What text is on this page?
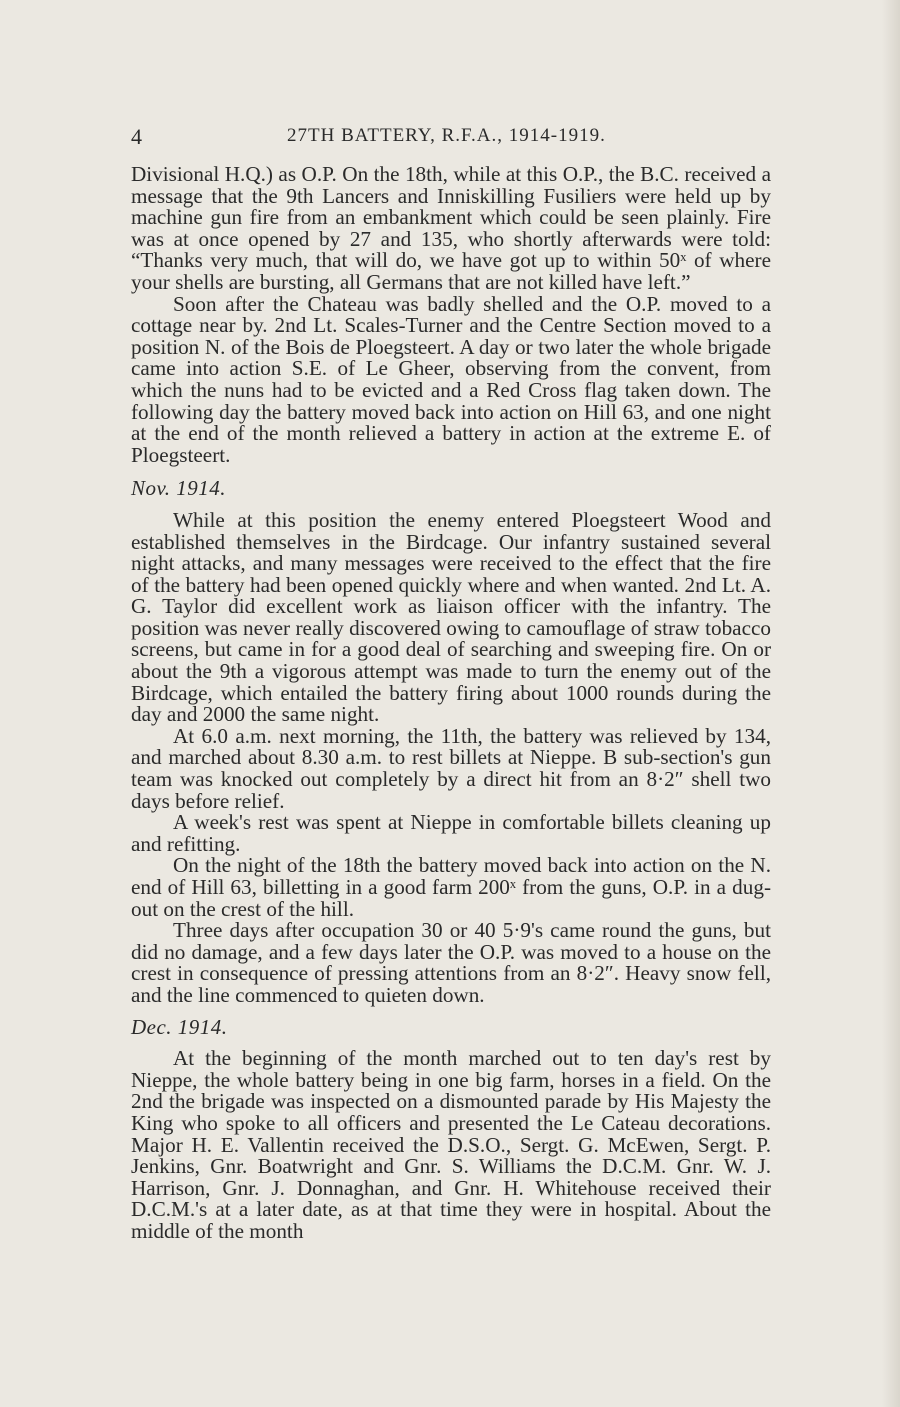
4	27TH BATTERY, R.F.A., 1914-1919.

Divisional H.Q.) as O.P. On the 18th, while at this O.P., the B.C. received a message that the 9th Lancers and Inniskilling Fusiliers were held up by machine gun fire from an embankment which could be seen plainly. Fire was at once opened by 27 and 135, who shortly afterwards were told: “Thanks very much, that will do, we have got up to within 50ˣ of where your shells are bursting, all Germans that are not killed have left.”

Soon after the Chateau was badly shelled and the O.P. moved to a cottage near by. 2nd Lt. Scales-Turner and the Centre Section moved to a position N. of the Bois de Ploegsteert. A day or two later the whole brigade came into action S.E. of Le Gheer, observing from the convent, from which the nuns had to be evicted and a Red Cross flag taken down. The following day the battery moved back into action on Hill 63, and one night at the end of the month relieved a battery in action at the extreme E. of Ploegsteert.

Nov. 1914.

While at this position the enemy entered Ploegsteert Wood and established themselves in the Birdcage. Our infantry sustained several night attacks, and many messages were received to the effect that the fire of the battery had been opened quickly where and when wanted. 2nd Lt. A. G. Taylor did excellent work as liaison officer with the infantry. The position was never really discovered owing to camouflage of straw tobacco screens, but came in for a good deal of searching and sweeping fire. On or about the 9th a vigorous attempt was made to turn the enemy out of the Birdcage, which entailed the battery firing about 1000 rounds during the day and 2000 the same night.

At 6.0 a.m. next morning, the 11th, the battery was relieved by 134, and marched about 8.30 a.m. to rest billets at Nieppe. B sub-section's gun team was knocked out completely by a direct hit from an 8·2″ shell two days before relief.

A week's rest was spent at Nieppe in comfortable billets cleaning up and refitting.

On the night of the 18th the battery moved back into action on the N. end of Hill 63, billetting in a good farm 200ˣ from the guns, O.P. in a dug-out on the crest of the hill.

Three days after occupation 30 or 40 5·9's came round the guns, but did no damage, and a few days later the O.P. was moved to a house on the crest in consequence of pressing attentions from an 8·2″. Heavy snow fell, and the line commenced to quieten down.

Dec. 1914.

At the beginning of the month marched out to ten day's rest by Nieppe, the whole battery being in one big farm, horses in a field. On the 2nd the brigade was inspected on a dismounted parade by His Majesty the King who spoke to all officers and presented the Le Cateau decorations. Major H. E. Vallentin received the D.S.O., Sergt. G. McEwen, Sergt. P. Jenkins, Gnr. Boatwright and Gnr. S. Williams the D.C.M. Gnr. W. J. Harrison, Gnr. J. Donnaghan, and Gnr. H. Whitehouse received their D.C.M.'s at a later date, as at that time they were in hospital. About the middle of the month
